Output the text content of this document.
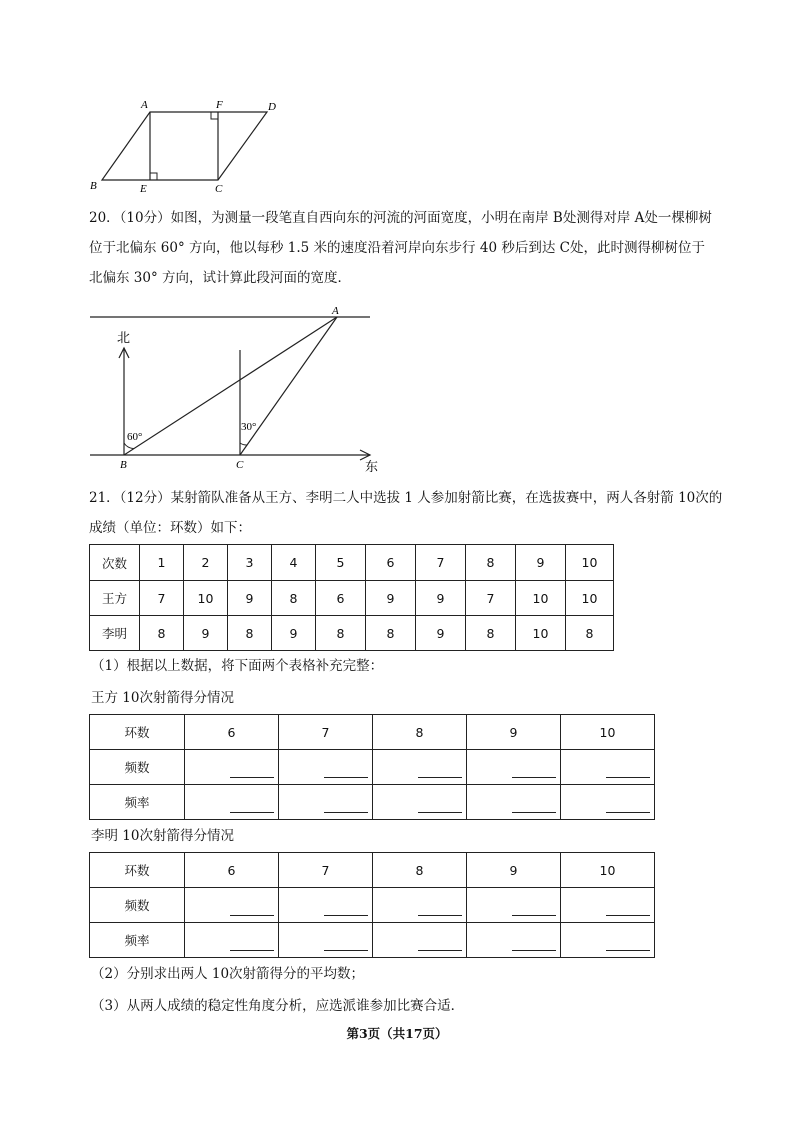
A	F	D
B	E	C
20．（10分）如图，为测量一段笔直自西向东的河流的河面宽度，小明在南岸 B处测得对岸 A处一棵柳树
位于北偏东 60° 方向，他以每秒 1.5 米的速度沿着河岸向东步行 40 秒后到达 C处，此时测得柳树位于
北偏东 30° 方向，试计算此段河面的宽度．
北
东
60°
30°
A
B	C
21．（12分）某射箭队准备从王方、李明二人中选拔 1 人参加射箭比赛，在选拔赛中，两人各射箭 10次的
成绩（单位：环数）如下：
次数	1	2	3	4	5	6	7	8	9	10
王方	7	10	9	8	6	9	9	7	10	10
李明	8	9	8	9	8	8	9	8	10	8
（1）根据以上数据，将下面两个表格补充完整：
王方 10次射箭得分情况
环数	6	7	8	9	10
频数					
频率					
李明 10次射箭得分情况
环数	6	7	8	9	10
频数					
频率					
（2）分别求出两人 10次射箭得分的平均数；
（3）从两人成绩的稳定性角度分析，应选派谁参加比赛合适．
第3页（共17页）
